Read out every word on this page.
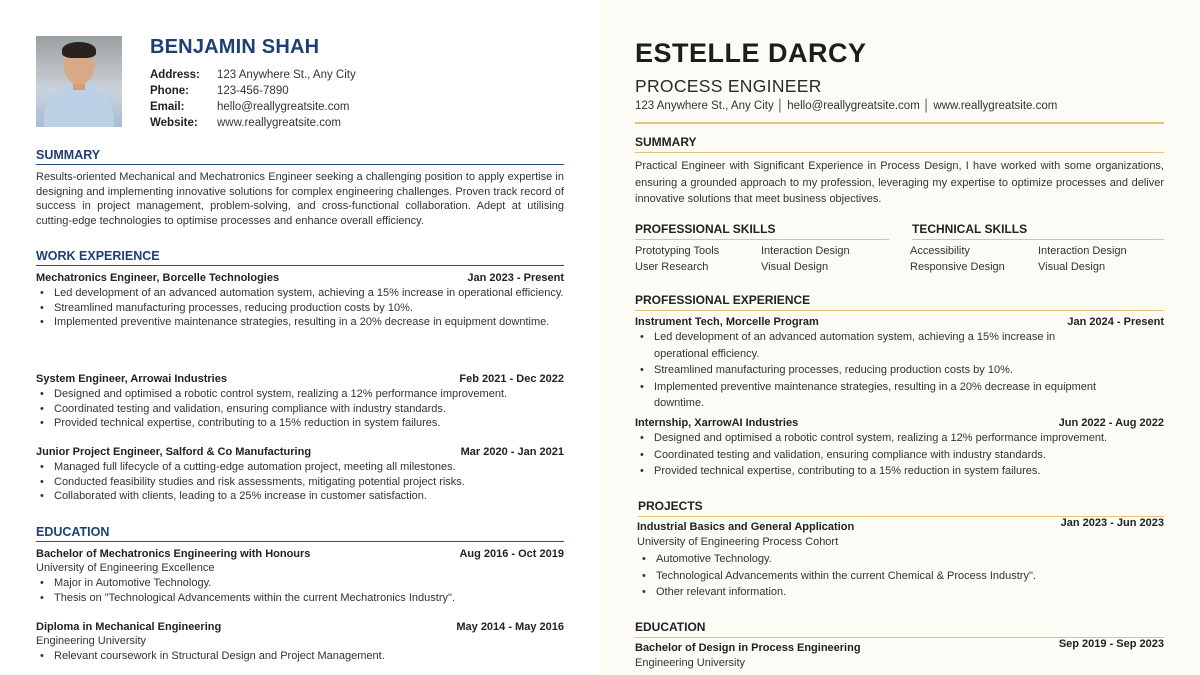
BENJAMIN SHAH
Address:	123 Anywhere St., Any City
Phone:	123-456-7890
Email:	hello@reallygreatsite.com
Website:	www.reallygreatsite.com
SUMMARY
Results-oriented Mechanical and Mechatronics Engineer seeking a challenging position to apply expertise in designing and implementing innovative solutions for complex engineering challenges. Proven track record of success in project management, problem-solving, and cross-functional collaboration. Adept at utilising cutting-edge technologies to optimise processes and enhance overall efficiency.
WORK EXPERIENCE
Mechatronics Engineer, Borcelle Technologies	Jan 2023 - Present
• Led development of an advanced automation system, achieving a 15% increase in operational efficiency.
• Streamlined manufacturing processes, reducing production costs by 10%.
• Implemented preventive maintenance strategies, resulting in a 20% decrease in equipment downtime.
System Engineer, Arrowai Industries	Feb 2021 - Dec 2022
• Designed and optimised a robotic control system, realizing a 12% performance improvement.
• Coordinated testing and validation, ensuring compliance with industry standards.
• Provided technical expertise, contributing to a 15% reduction in system failures.
Junior Project Engineer, Salford & Co Manufacturing	Mar 2020 - Jan 2021
• Managed full lifecycle of a cutting-edge automation project, meeting all milestones.
• Conducted feasibility studies and risk assessments, mitigating potential project risks.
• Collaborated with clients, leading to a 25% increase in customer satisfaction.
EDUCATION
Bachelor of Mechatronics Engineering with Honours	Aug 2016 - Oct 2019
University of Engineering Excellence
• Major in Automotive Technology.
• Thesis on "Technological Advancements within the current Mechatronics Industry".
Diploma in Mechanical Engineering	May 2014 - May 2016
Engineering University
• Relevant coursework in Structural Design and Project Management.
ESTELLE DARCY
PROCESS ENGINEER
123 Anywhere St., Any City │ hello@reallygreatsite.com │ www.reallygreatsite.com
SUMMARY
Practical Engineer with Significant Experience in Process Design, I have worked with some organizations, ensuring a grounded approach to my profession, leveraging my expertise to optimize processes and deliver innovative solutions that meet business objectives.
PROFESSIONAL SKILLS
Prototyping Tools	Interaction Design
User Research	Visual Design
TECHNICAL SKILLS
Accessibility	Interaction Design
Responsive Design	Visual Design
PROFESSIONAL EXPERIENCE
Instrument Tech, Morcelle Program	Jan 2024 - Present
• Led development of an advanced automation system, achieving a 15% increase in operational efficiency.
• Streamlined manufacturing processes, reducing production costs by 10%.
• Implemented preventive maintenance strategies, resulting in a 20% decrease in equipment downtime.
Internship, XarrowAI Industries	Jun 2022 - Aug 2022
• Designed and optimised a robotic control system, realizing a 12% performance improvement.
• Coordinated testing and validation, ensuring compliance with industry standards.
• Provided technical expertise, contributing to a 15% reduction in system failures.
PROJECTS
Industrial Basics and General Application	Jan 2023 - Jun 2023
University of Engineering Process Cohort
• Automotive Technology.
• Technological Advancements within the current Chemical & Process Industry".
• Other relevant information.
EDUCATION
Bachelor of Design in Process Engineering	Sep 2019 - Sep 2023
Engineering University
